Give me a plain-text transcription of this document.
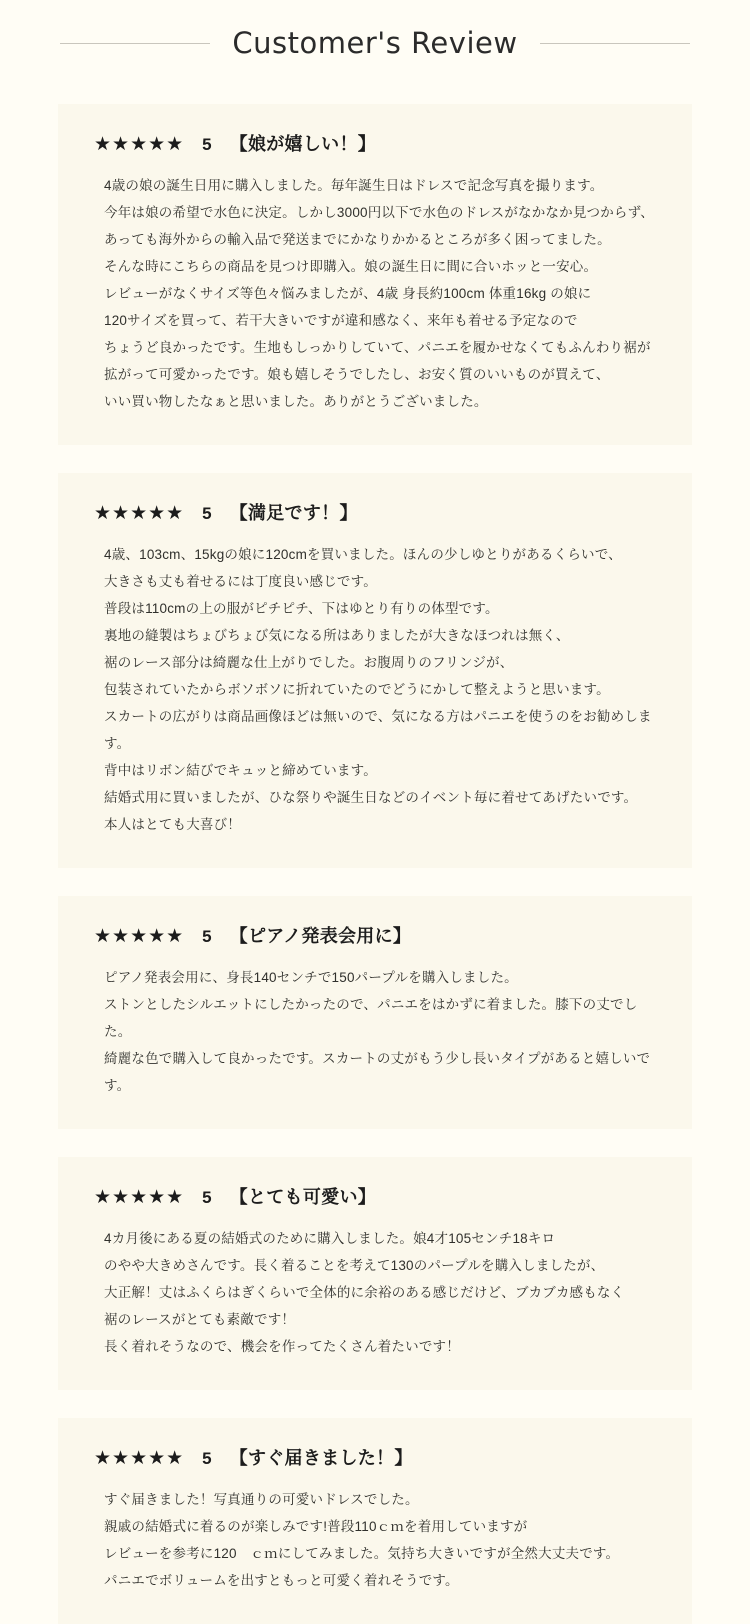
Customer's Review
★★★★★ 5 【娘が嬉しい！】

4歳の娘の誕生日用に購入しました。毎年誕生日はドレスで記念写真を撮ります。

今年は娘の希望で水色に決定。しかし3000円以下で水色のドレスがなかなか見つからず、

あっても海外からの輸入品で発送までにかなりかかるところが多く困ってました。

そんな時にこちらの商品を見つけ即購入。娘の誕生日に間に合いホッと一安心。

レビューがなくサイズ等色々悩みましたが、4歳 身長約100cm 体重16kg の娘に

120サイズを買って、若干大きいですが違和感なく、来年も着せる予定なので

ちょうど良かったです。生地もしっかりしていて、パニエを履かせなくてもふんわり裾が

拡がって可愛かったです。娘も嬉しそうでしたし、お安く質のいいものが買えて、

いい買い物したなぁと思いました。ありがとうございました。

★★★★★ 5 【満足です！】

4歳、103cm、15kgの娘に120cmを買いました。ほんの少しゆとりがあるくらいで、

大きさも丈も着せるには丁度良い感じです。

普段は110cmの上の服がピチピチ、下はゆとり有りの体型です。

裏地の縫製はちょびちょび気になる所はありましたが大きなほつれは無く、

裾のレース部分は綺麗な仕上がりでした。お腹周りのフリンジが、

包装されていたからボソボソに折れていたのでどうにかして整えようと思います。

スカートの広がりは商品画像ほどは無いので、気になる方はパニエを使うのをお勧めします。

背中はリボン結びでキュッと締めています。

結婚式用に買いましたが、ひな祭りや誕生日などのイベント毎に着せてあげたいです。

本人はとても大喜び！

★★★★★ 5 【ピアノ発表会用に】

ピアノ発表会用に、身長140センチで150パープルを購入しました。

ストンとしたシルエットにしたかったので、パニエをはかずに着ました。膝下の丈でした。

綺麗な色で購入して良かったです。スカートの丈がもう少し長いタイプがあると嬉しいです。

★★★★★ 5 【とても可愛い】

4カ月後にある夏の結婚式のために購入しました。娘4才105センチ18キロ

のやや大きめさんです。長く着ることを考えて130のパープルを購入しましたが、

大正解！丈はふくらはぎくらいで全体的に余裕のある感じだけど、ブカブカ感もなく

裾のレースがとても素敵です！

長く着れそうなので、機会を作ってたくさん着たいです！

★★★★★ 5 【すぐ届きました！】

すぐ届きました！写真通りの可愛いドレスでした。

親戚の結婚式に着るのが楽しみです!普段110ｃｍを着用していますが

レビューを参考に120　ｃｍにしてみました。気持ち大きいですが全然大丈夫です。

パニエでボリュームを出すともっと可愛く着れそうです。
